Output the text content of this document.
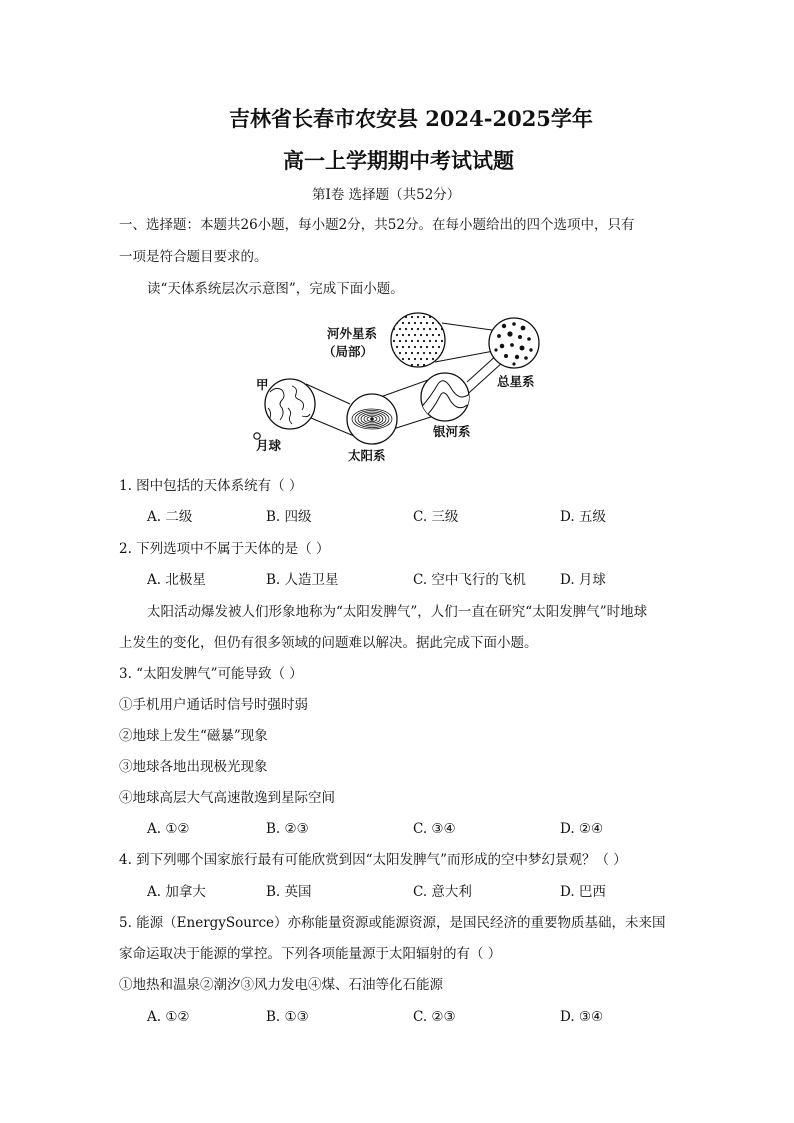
吉林省长春市农安县 2024-2025学年
高一上学期期中考试试题
第Ⅰ卷 选择题（共52分）
一、选择题：本题共26小题，每小题2分，共52分。在每小题给出的四个选项中，只有
一项是符合题目要求的。
读“天体系统层次示意图”，完成下面小题。
河外星系
（局部）
总星系
甲
银河系
月球
太阳系
1. 图中包括的天体系统有（ ）
A. 二级	B. 四级	C. 三级	D. 五级
2. 下列选项中不属于天体的是（ ）
A. 北极星	B. 人造卫星	C. 空中飞行的飞机	D. 月球
太阳活动爆发被人们形象地称为“太阳发脾气”，人们一直在研究“太阳发脾气”时地球
上发生的变化，但仍有很多领域的问题难以解决。据此完成下面小题。
3. “太阳发脾气”可能导致（ ）
①手机用户通话时信号时强时弱
②地球上发生“磁暴”现象
③地球各地出现极光现象
④地球高层大气高速散逸到星际空间
A. ①②	B. ②③	C. ③④	D. ②④
4. 到下列哪个国家旅行最有可能欣赏到因“太阳发脾气”而形成的空中梦幻景观？（ ）
A. 加拿大	B. 英国	C. 意大利	D. 巴西
5. 能源（EnergySource）亦称能量资源或能源资源，是国民经济的重要物质基础，未来国
家命运取决于能源的掌控。下列各项能量源于太阳辐射的有（ ）
①地热和温泉②潮汐③风力发电④煤、石油等化石能源
A. ①②	B. ①③	C. ②③	D. ③④
